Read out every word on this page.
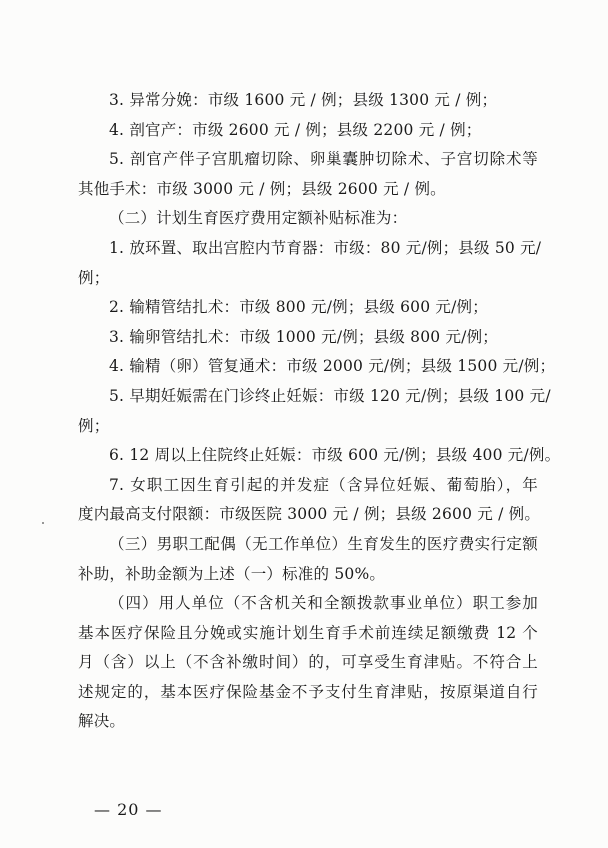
3. 异常分娩：市级 1600 元 / 例；县级 1300 元 / 例；
4. 剖官产：市级 2600 元 / 例；县级 2200 元 / 例；
5. 剖官产伴子宫肌瘤切除、卵巢囊肿切除术、子宫切除术等
其他手术：市级 3000 元 / 例；县级 2600 元 / 例。
（二）计划生育医疗费用定额补贴标准为：
1. 放环置、取出宫腔内节育器：市级：80 元/例；县级 50 元/
例；
2. 输精管结扎术：市级 800 元/例；县级 600 元/例；
3. 输卵管结扎术：市级 1000 元/例；县级 800 元/例；
4. 输精（卵）管复通术：市级 2000 元/例；县级 1500 元/例；
5. 早期妊娠需在门诊终止妊娠：市级 120 元/例；县级 100 元/
例；
6. 12 周以上住院终止妊娠：市级 600 元/例；县级 400 元/例。
7. 女职工因生育引起的并发症（含异位妊娠、葡萄胎），年
度内最高支付限额：市级医院 3000 元 / 例；县级 2600 元 / 例。
（三）男职工配偶（无工作单位）生育发生的医疗费实行定额
补助，补助金额为上述（一）标准的 50%。
（四）用人单位（不含机关和全额拨款事业单位）职工参加
基本医疗保险且分娩或实施计划生育手术前连续足额缴费 12 个
月（含）以上（不含补缴时间）的，可享受生育津贴。不符合上
述规定的，基本医疗保险基金不予支付生育津贴，按原渠道自行
解决。
— 20 —
